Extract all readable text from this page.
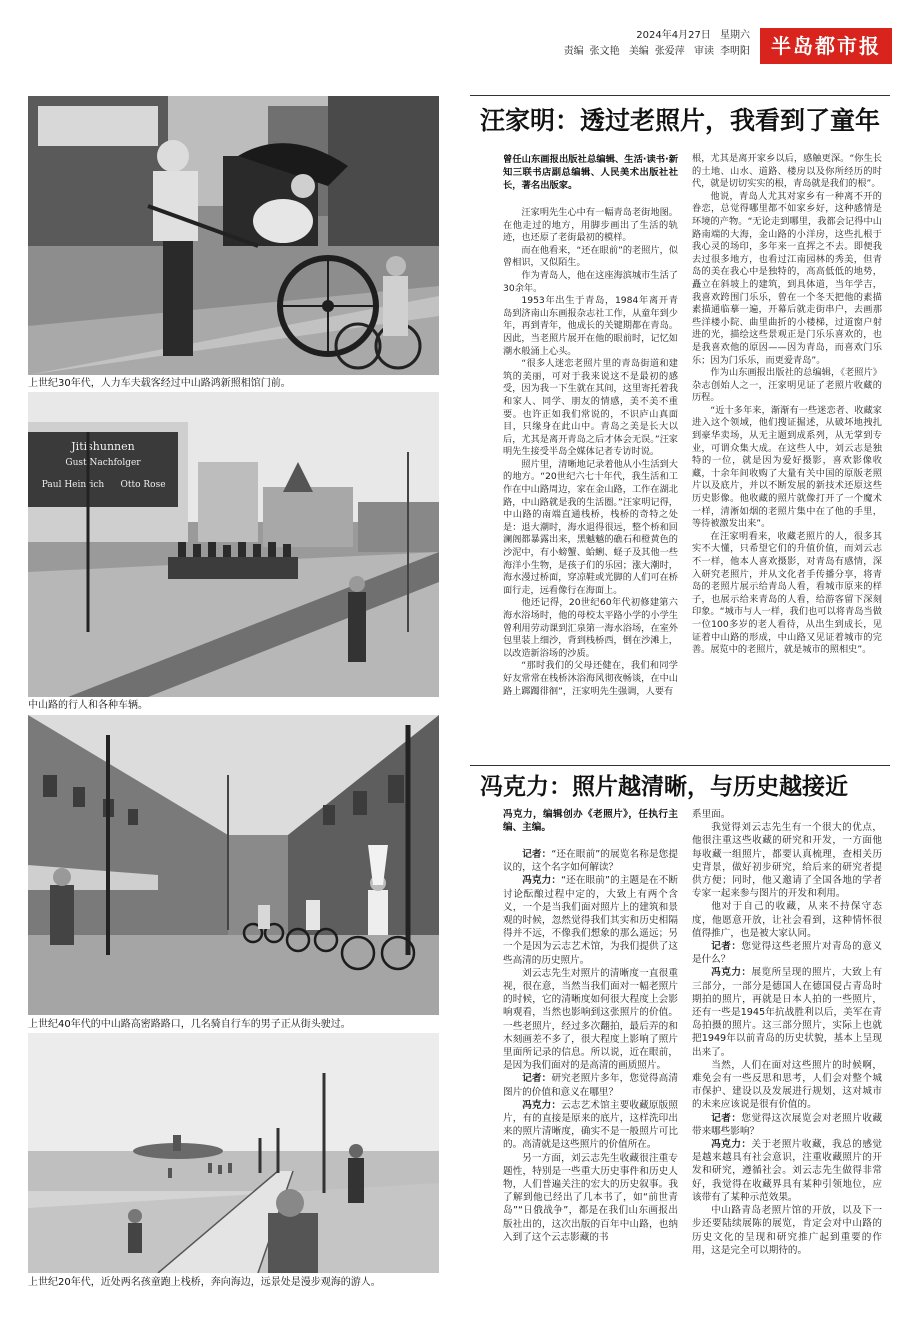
2024年4月27日 星期六
责编 张文艳 美编 张爱萍 审读 李明阳	半岛都市报
上世纪30年代，人力车夫载客经过中山路鸿新照相馆门前。
Jitishunnen
Gust Nachfolger
Paul Heinrich Otto Rose
中山路的行人和各种车辆。
上世纪40年代的中山路高密路路口，几名骑自行车的男子正从街头驶过。
上世纪20年代，近处两名孩童跑上栈桥，奔向海边，远景处是漫步观海的游人。
汪家明：透过老照片，我看到了童年
曾任山东画报出版社总编辑、生活·读书·新知三联书店副总编辑、人民美术出版社社长，著名出版家。

汪家明先生心中有一幅青岛老街地图。在他走过的地方，用脚步画出了生活的轨迹，也还原了老街最初的模样。

而在他看来，“还在眼前”的老照片，似曾相识，又似陌生。

作为青岛人，他在这座海滨城市生活了30余年。

1953年出生于青岛，1984年离开青岛到济南山东画报杂志社工作，从童年到少年，再到青年，他成长的关键期都在青岛。因此，当老照片展开在他的眼前时，记忆如潮水般涌上心头。

“很多人迷恋老照片里的青岛街道和建筑的美丽，可对于我来说这不是最初的感受，因为我一下生就在其间，这里寄托着我和家人、同学、朋友的情感，美不美不重要。也许正如我们常说的，不识庐山真面目，只缘身在此山中。青岛之美是长大以后，尤其是离开青岛之后才体会无误。”汪家明先生接受半岛全媒体记者专访时说。

照片里，清晰地记录着他从小生活到大的地方。“20世纪六七十年代，我生活和工作在中山路周边，家在金山路，工作在湖北路，中山路就是我的生活圈。”汪家明记得，中山路的南端直通栈桥，栈桥的奇特之处是：退大潮时，海水退得很远，整个桥和回澜阁都暴露出来，黑魆魆的礁石和橙黄色的沙泥中，有小螃蟹、蛤蜊、蛏子及其他一些海洋小生物，是孩子们的乐园；涨大潮时，海水漫过桥面，穿凉鞋或光脚的人们可在桥面行走，远看像行在海面上。

他还记得，20世纪60年代初修建第六海水浴场时，他的母校太平路小学的小学生曾利用劳动课到汇泉第一海水浴场，在室外包里装上细沙，背到栈桥西，倒在沙滩上，以改造新浴场的沙质。

“那时我们的父母还健在，我们和同学好友常常在栈桥沐浴海风彻夜畅谈，在中山路上踯躅徘徊”，汪家明先生强调，人要有

根，尤其是离开家乡以后，感触更深。“你生长的土地、山水、道路、楼房以及你所经历的时代，就是切切实实的根，青岛就是我们的根”。

他说，青岛人尤其对家乡有一种离不开的眷恋，总觉得哪里都不如家乡好，这种感情是环境的产物。“无论走到哪里，我都会记得中山路南端的大海，金山路的小洋房，这些扎根于我心灵的场印，多年来一直挥之不去。即便我去过很多地方，也看过江南园林的秀美，但青岛的美在我心中是独特的，高高低低的地势，矗立在斜坡上的建筑，到具体道，当年学吉，我喜欢跨围门乐乐，曾在一个冬天把他的素描素描通临摹一遍，开幕后就走街串户，去画那些洋楼小院、曲里曲折的小楼梯，过道窗户射进的光，描绘这些景观正是门乐乐喜欢的，也是我喜欢他的原因——因为青岛，而喜欢门乐乐；因为门乐乐，而更爱青岛”。

作为山东画报出版社的总编辑，《老照片》杂志创始人之一，汪家明见证了老照片收藏的历程。

“近十多年来，渐渐有一些迷恋者、收藏家进入这个领域，他们搜证掘述，从破坏地拽扎到豪华卖场，从无主题到成系列，从无掌到专业，可谓众集大成。在这些人中，刘云志是独特的一位，就是因为爱好摄影，喜欢影像收藏，十余年间收购了大量有关中国的原版老照片以及底片，并以不断发展的新技术还原这些历史影像。他收藏的照片就像打开了一个魔术一样，清淅如烟的老照片集中在了他的手里，等待被激发出来”。

在汪家明看来，收藏老照片的人，很多其实不大懂，只希望它们的升值价值，而刘云志不一样，他本人喜欢摄影，对青岛有感情，深入研究老照片，并从文化者手传播分享，将青岛的老照片展示给青岛人看，看城市原来的样子，也展示给来青岛的人看，给游客留下深刻印象。“城市与人一样，我们也可以将青岛当做一位100多岁的老人看待，从出生到成长，见证着中山路的形成，中山路又见证着城市的完善。展览中的老照片，就是城市的照相史”。

冯克力：照片越清晰，与历史越接近
冯克力，编辑创办《老照片》，任执行主编、主编。

记者：“还在眼前”的展览名称是您提议的，这个名字如何解读？

冯克力：“还在眼前”的主题是在不断讨论酝酿过程中定的，大致上有两个含义，一个是当我们面对照片上的建筑和景观的时候，忽然觉得我们其实和历史相隔得并不远，不像我们想象的那么遥远；另一个是因为云志艺术馆，为我们提供了这些高清的历史照片。

刘云志先生对照片的清晰度一直很重视，很在意，当然当我们面对一幅老照片的时候，它的清晰度如何很大程度上会影响观看，当然也影响到这张照片的价值。一些老照片，经过多次翻拍，最后弄的和木刻画差不多了，很大程度上影响了照片里面所记录的信息。所以说，近在眼前，是因为我们面对的是高清的画质照片。

记者：研究老照片多年，您觉得高清图片的价值和意义在哪里？

冯克力：云志艺术馆主要收藏原版照片，有的直接是原来的底片，这样洗印出来的照片清晰度，确实不是一般照片可比的。高清就是这些照片的价值所在。

另一方面，刘云志先生收藏很注重专题性，特别是一些重大历史事件和历史人物，人们普遍关注的宏大的历史叙事。我了解到他已经出了几本书了，如“前世青岛”“日俄战争”，都是在我们山东画报出版社出的，这次出版的百年中山路，也纳入到了这个云志影藏的书

系里面。

我觉得刘云志先生有一个很大的优点，他很注重这些收藏的研究和开发，一方面他每收藏一组照片，都要认真梳理，查相关历史背景，做好初步研究，给后来的研究者提供方便；同时，他又邀请了全国各地的学者专家一起来参与图片的开发和利用。

他对于自己的收藏，从来不持保守态度，他愿意开放，让社会看到，这种情怀很值得推广，也是被大家认同。

记者：您觉得这些老照片对青岛的意义是什么？

冯克力：展览所呈现的照片，大致上有三部分，一部分是德国人在德国侵占青岛时期拍的照片，再就是日本人拍的一些照片，还有一些是1945年抗战胜利以后，美军在青岛拍摄的照片。这三部分照片，实际上也就把1949年以前青岛的历史状貌，基本上呈现出来了。

当然，人们在面对这些照片的时候啊，难免会有一些反思和思考，人们会对整个城市保护、建设以及发展进行规划，这对城市的未来应该说是很有价值的。

记者：您觉得这次展览会对老照片收藏带来哪些影响？

冯克力：关于老照片收藏，我总的感觉是越来越具有社会意识，注重收藏照片的开发和研究，遵循社会。刘云志先生做得非常好，我觉得在收藏界具有某种引领地位，应该带有了某种示范效果。

中山路青岛老照片馆的开放，以及下一步还要陆续展陈的展览，肯定会对中山路的历史文化的呈现和研究推广起到重要的作用，这是完全可以期待的。
